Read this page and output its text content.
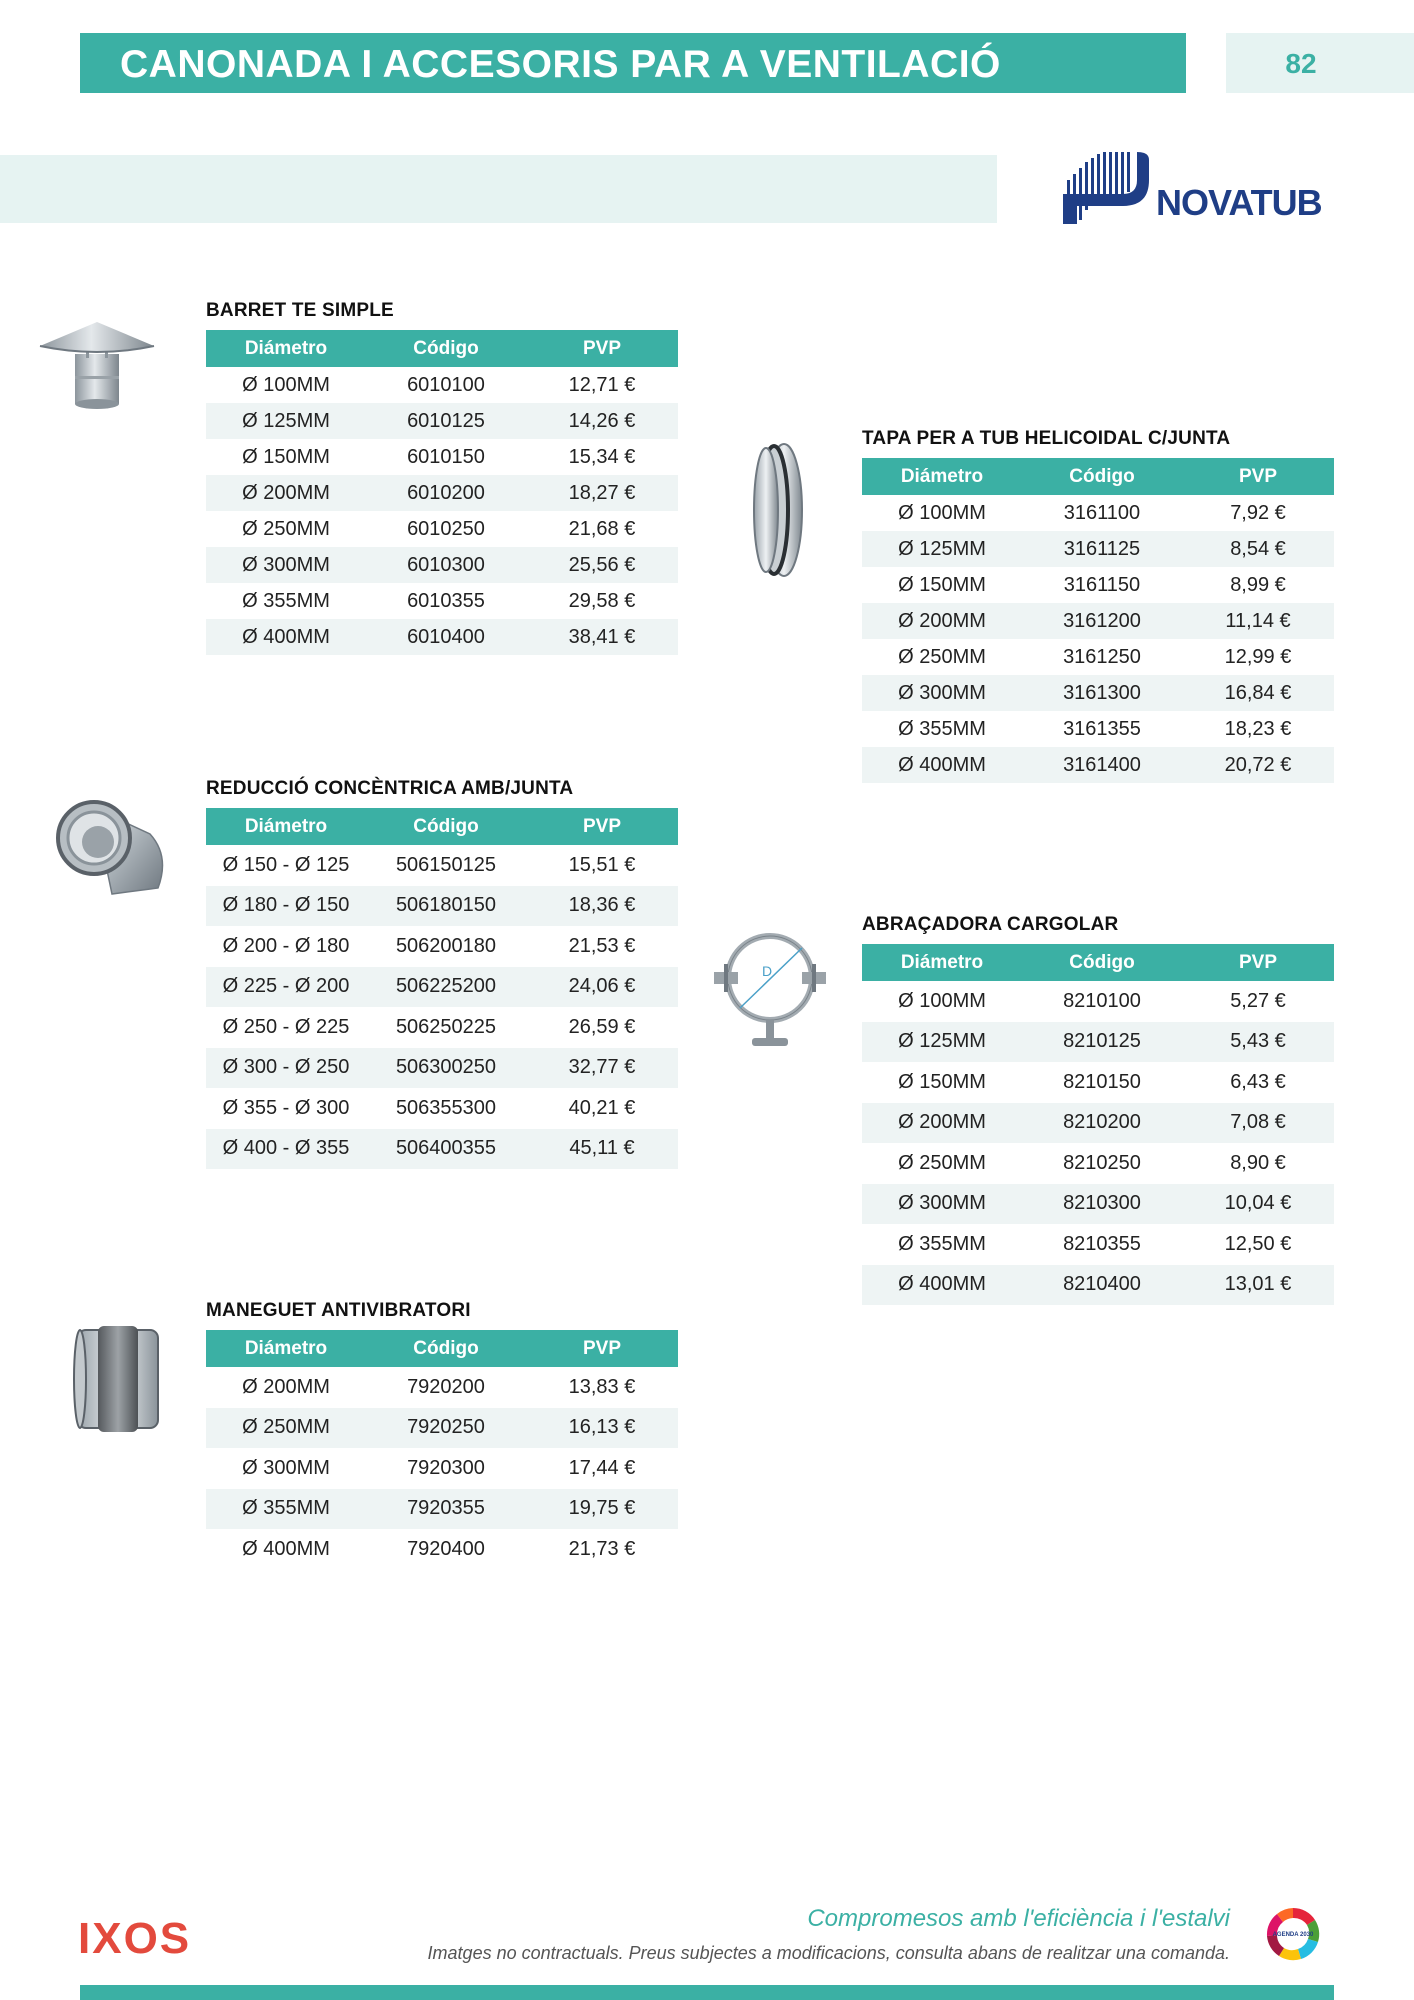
CANONADA I ACCESORIS PAR A VENTILACIÓ	82
NOVATUB
BARRET TE SIMPLE
Diámetro	Código	PVP
Ø 100MM	6010100	12,71 €
Ø 125MM	6010125	14,26 €
Ø 150MM	6010150	15,34 €
Ø 200MM	6010200	18,27 €
Ø 250MM	6010250	21,68 €
Ø 300MM	6010300	25,56 €
Ø 355MM	6010355	29,58 €
Ø 400MM	6010400	38,41 €
TAPA PER A TUB HELICOIDAL C/JUNTA
Diámetro	Código	PVP
Ø 100MM	3161100	7,92 €
Ø 125MM	3161125	8,54 €
Ø 150MM	3161150	8,99 €
Ø 200MM	3161200	11,14 €
Ø 250MM	3161250	12,99 €
Ø 300MM	3161300	16,84 €
Ø 355MM	3161355	18,23 €
Ø 400MM	3161400	20,72 €
REDUCCIÓ CONCÈNTRICA AMB/JUNTA
Diámetro	Código	PVP
Ø 150 - Ø 125	506150125	15,51 €
Ø 180 - Ø 150	506180150	18,36 €
Ø 200 - Ø 180	506200180	21,53 €
Ø 225 - Ø 200	506225200	24,06 €
Ø 250 - Ø 225	506250225	26,59 €
Ø 300 - Ø 250	506300250	32,77 €
Ø 355 - Ø 300	506355300	40,21 €
Ø 400 - Ø 355	506400355	45,11 €
D
ABRAÇADORA CARGOLAR
Diámetro	Código	PVP
Ø 100MM	8210100	5,27 €
Ø 125MM	8210125	5,43 €
Ø 150MM	8210150	6,43 €
Ø 200MM	8210200	7,08 €
Ø 250MM	8210250	8,90 €
Ø 300MM	8210300	10,04 €
Ø 355MM	8210355	12,50 €
Ø 400MM	8210400	13,01 €
MANEGUET ANTIVIBRATORI
Diámetro	Código	PVP
Ø 200MM	7920200	13,83 €
Ø 250MM	7920250	16,13 €
Ø 300MM	7920300	17,44 €
Ø 355MM	7920355	19,75 €
Ø 400MM	7920400	21,73 €
IXOS	Compromesos amb l'eficiència i l'estalvi
Imatges no contractuals. Preus subjectes a modificacions, consulta abans de realitzar una comanda.
AGENDA 2030
